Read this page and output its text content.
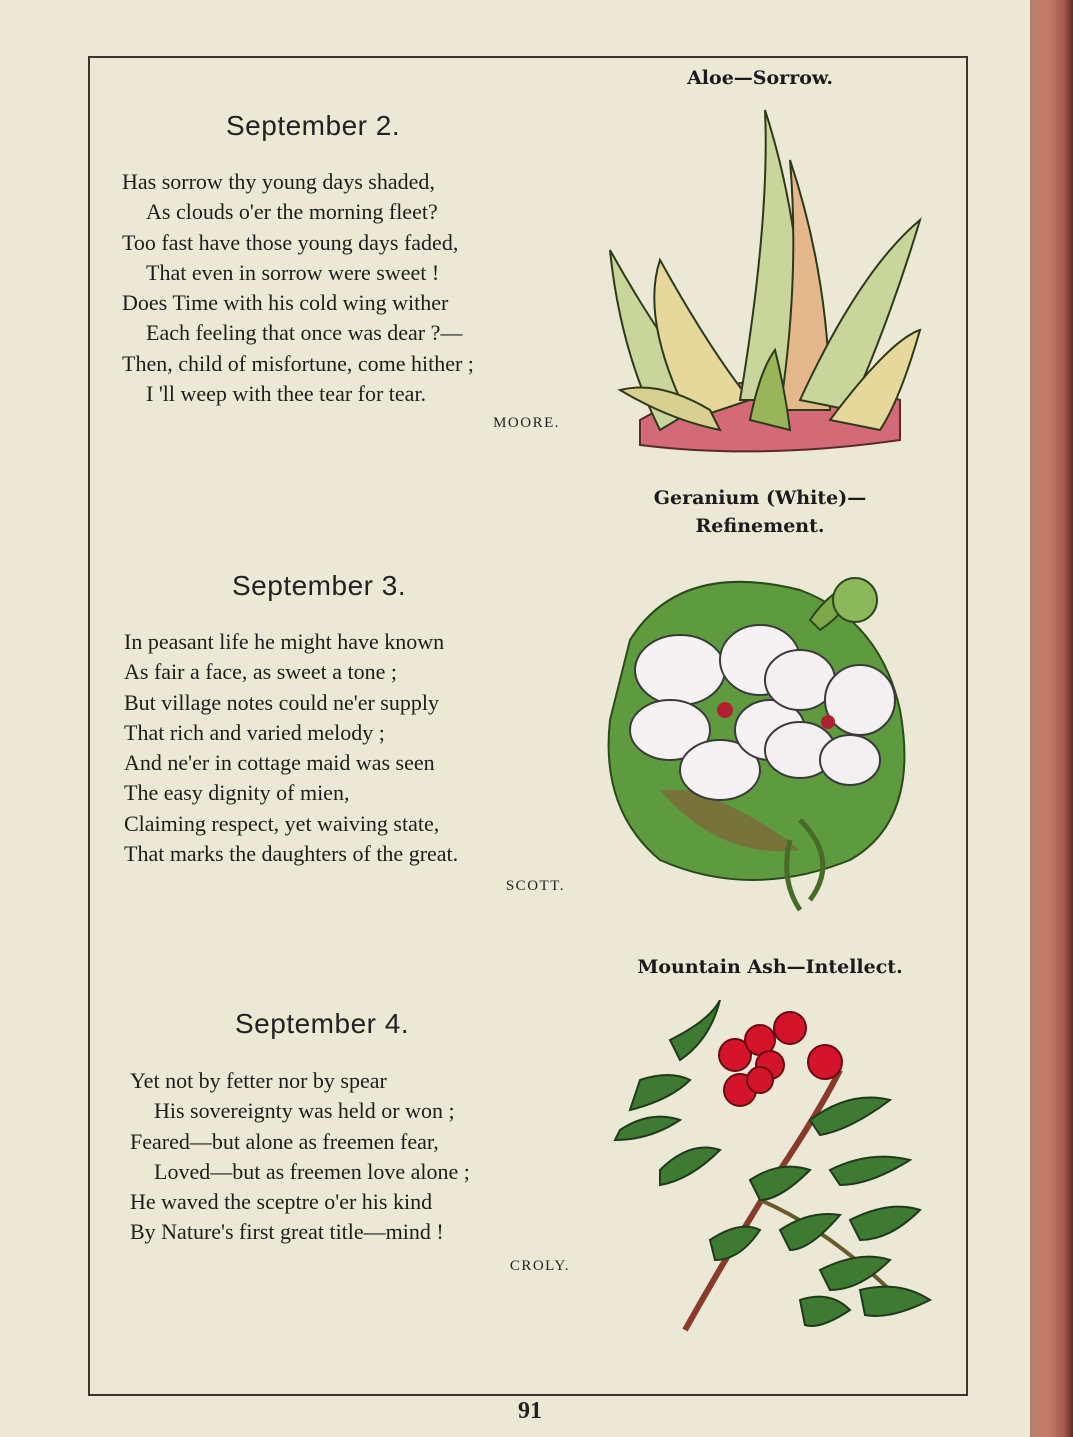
Aloe—Sorrow.
September 2.
Has sorrow thy young days shaded,
As clouds o'er the morning fleet?
Too fast have those young days faded,
That even in sorrow were sweet !
Does Time with his cold wing wither
Each feeling that once was dear ?—
Then, child of misfortune, come hither ;
I 'll weep with thee tear for tear.
MOORE.
Geranium (White)—
Refinement.
September 3.
In peasant life he might have known
As fair a face, as sweet a tone ;
But village notes could ne'er supply
That rich and varied melody ;
And ne'er in cottage maid was seen
The easy dignity of mien,
Claiming respect, yet waiving state,
That marks the daughters of the great.
SCOTT.
Mountain Ash—Intellect.
September 4.
Yet not by fetter nor by spear
His sovereignty was held or won ;
Feared—but alone as freemen fear,
Loved—but as freemen love alone ;
He waved the sceptre o'er his kind
By Nature's first great title—mind !
CROLY.
91
